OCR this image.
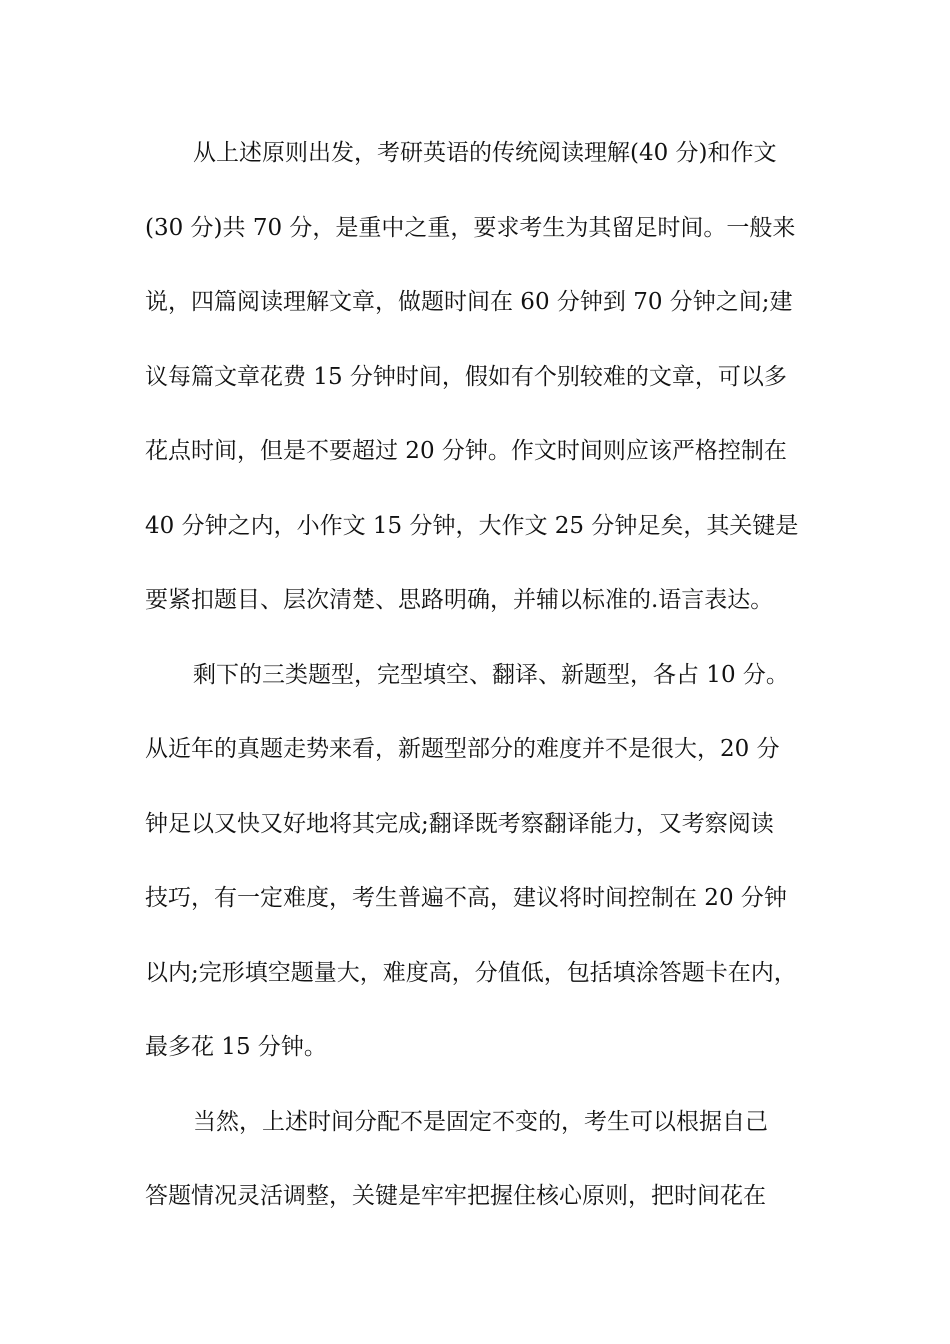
从上述原则出发，考研英语的传统阅读理解(40 分)和作文
(30 分)共 70 分，是重中之重，要求考生为其留足时间。一般来
说，四篇阅读理解文章，做题时间在 60 分钟到 70 分钟之间;建
议每篇文章花费 15 分钟时间，假如有个别较难的文章，可以多
花点时间，但是不要超过 20 分钟。作文时间则应该严格控制在
40 分钟之内，小作文 15 分钟，大作文 25 分钟足矣，其关键是
要紧扣题目、层次清楚、思路明确，并辅以标准的.语言表达。
剩下的三类题型，完型填空、翻译、新题型，各占 10 分。
从近年的真题走势来看，新题型部分的难度并不是很大，20 分
钟足以又快又好地将其完成;翻译既考察翻译能力，又考察阅读
技巧，有一定难度，考生普遍不高，建议将时间控制在 20 分钟
以内;完形填空题量大，难度高，分值低，包括填涂答题卡在内，
最多花 15 分钟。
当然，上述时间分配不是固定不变的，考生可以根据自己
答题情况灵活调整，关键是牢牢把握住核心原则，把时间花在
